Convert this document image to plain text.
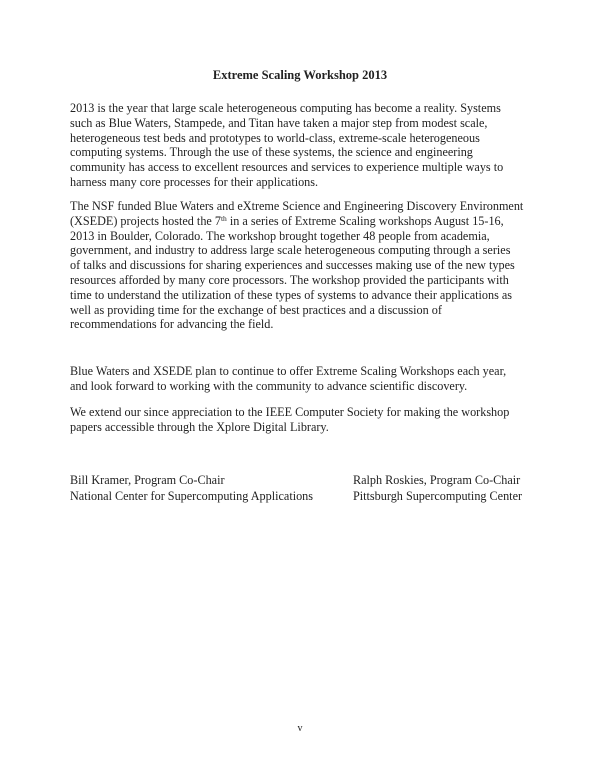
Extreme Scaling Workshop 2013

2013 is the year that large scale heterogeneous computing has become a reality. Systems
such as Blue Waters, Stampede, and Titan have taken a major step from modest scale,
heterogeneous test beds and prototypes to world-class, extreme-scale heterogeneous
computing systems. Through the use of these systems, the science and engineering
community has access to excellent resources and services to experience multiple ways to
harness many core processes for their applications.

The NSF funded Blue Waters and eXtreme Science and Engineering Discovery Environment
(XSEDE) projects hosted the 7th in a series of Extreme Scaling workshops August 15-16,
2013 in Boulder, Colorado. The workshop brought together 48 people from academia,
government, and industry to address large scale heterogeneous computing through a series
of talks and discussions for sharing experiences and successes making use of the new types
resources afforded by many core processors. The workshop provided the participants with
time to understand the utilization of these types of systems to advance their applications as
well as providing time for the exchange of best practices and a discussion of
recommendations for advancing the field.

Blue Waters and XSEDE plan to continue to offer Extreme Scaling Workshops each year,
and look forward to working with the community to advance scientific discovery.

We extend our since appreciation to the IEEE Computer Society for making the workshop
papers accessible through the Xplore Digital Library.

Bill Kramer, Program Co-Chair
National Center for Supercomputing Applications
Ralph Roskies, Program Co-Chair
Pittsburgh Supercomputing Center
v
